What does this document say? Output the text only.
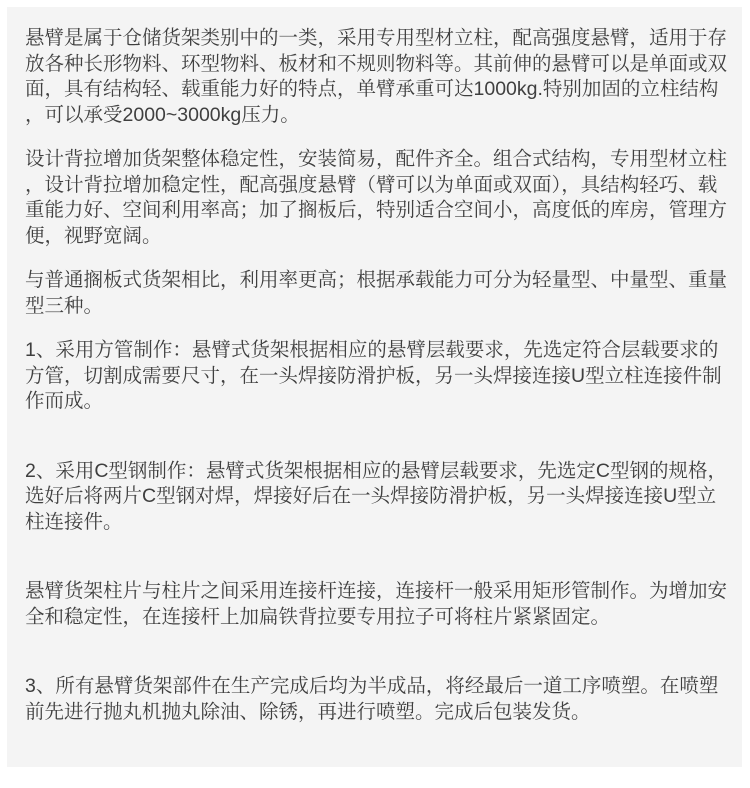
悬臂是属于仓储货架类别中的一类，采用专用型材立柱，配高强度悬臂，适用于存放各种长形物料、环型物料、板材和不规则物料等。其前伸的悬臂可以是单面或双面，具有结构轻、载重能力好的特点，单臂承重可达1000kg.特别加固的立柱结构，可以承受2000~3000kg压力。

设计背拉增加货架整体稳定性，安装简易，配件齐全。组合式结构，专用型材立柱，设计背拉增加稳定性，配高强度悬臂（臂可以为单面或双面），具结构轻巧、载重能力好、空间利用率高；加了搁板后，特别适合空间小，高度低的库房，管理方便，视野宽阔。

与普通搁板式货架相比，利用率更高；根据承载能力可分为轻量型、中量型、重量型三种。

1、采用方管制作：悬臂式货架根据相应的悬臂层载要求，先选定符合层载要求的方管，切割成需要尺寸，在一头焊接防滑护板，另一头焊接连接U型立柱连接件制作而成。

2、采用C型钢制作：悬臂式货架根据相应的悬臂层载要求，先选定C型钢的规格，选好后将两片C型钢对焊，焊接好后在一头焊接防滑护板，另一头焊接连接U型立柱连接件。

悬臂货架柱片与柱片之间采用连接杆连接，连接杆一般采用矩形管制作。为增加安全和稳定性，在连接杆上加扁铁背拉要专用拉子可将柱片紧紧固定。

3、所有悬臂货架部件在生产完成后均为半成品，将经最后一道工序喷塑。在喷塑前先进行抛丸机抛丸除油、除锈，再进行喷塑。完成后包装发货。
